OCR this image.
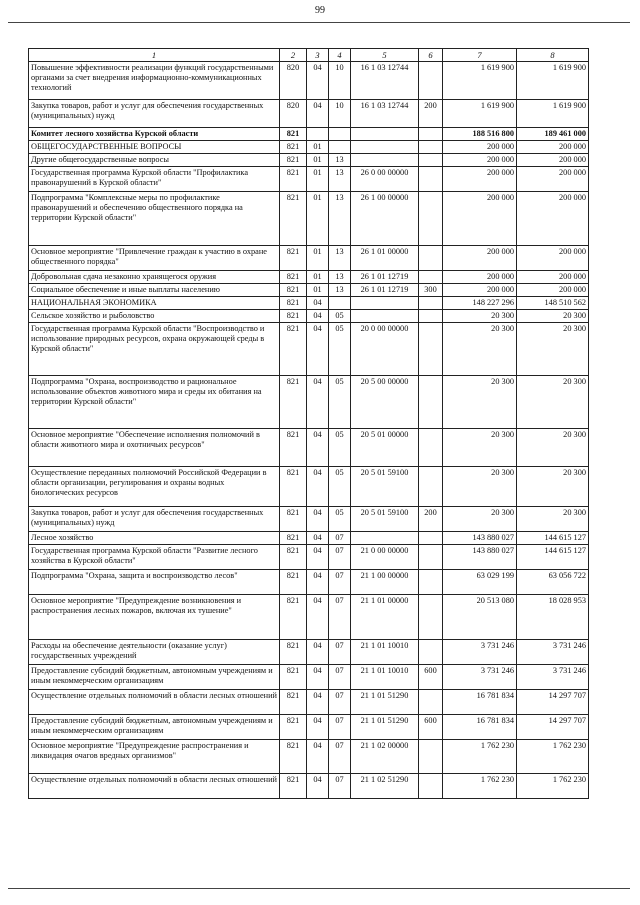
99
1	2	3	4	5	6	7	8
Повышение эффективности реализации функций государственными органами за счет внедрения информационно-коммуникационных технологий	820	04	10	16 1 03 12744		1 619 900	1 619 900
Закупка товаров, работ и услуг для обеспечения государственных (муниципальных) нужд	820	04	10	16 1 03 12744	200	1 619 900	1 619 900
Комитет лесного хозяйства Курской области	821					188 516 800	189 461 000
ОБЩЕГОСУДАРСТВЕННЫЕ ВОПРОСЫ	821	01				200 000	200 000
Другие общегосударственные вопросы	821	01	13			200 000	200 000
Государственная программа Курской области "Профилактика правонарушений в Курской области"	821	01	13	26 0 00 00000		200 000	200 000
Подпрограмма "Комплексные меры по профилактике правонарушений и обеспечению общественного порядка на территории Курской области"	821	01	13	26 1 00 00000		200 000	200 000
Основное мероприятие "Привлечение граждан к участию в охране общественного порядка"	821	01	13	26 1 01 00000		200 000	200 000
Добровольная сдача незаконно хранящегося оружия	821	01	13	26 1 01 12719		200 000	200 000
Социальное обеспечение и иные выплаты населению	821	01	13	26 1 01 12719	300	200 000	200 000
НАЦИОНАЛЬНАЯ ЭКОНОМИКА	821	04				148 227 296	148 510 562
Сельское хозяйство и рыболовство	821	04	05			20 300	20 300
Государственная программа Курской области "Воспроизводство и использование природных ресурсов, охрана окружающей среды в Курской области"	821	04	05	20 0 00 00000		20 300	20 300
Подпрограмма "Охрана, воспроизводство и рациональное использование объектов животного мира и среды их обитания на территории Курской области"	821	04	05	20 5 00 00000		20 300	20 300
Основное мероприятие "Обеспечение исполнения полномочий в области животного мира и охотничьих ресурсов"	821	04	05	20 5 01 00000		20 300	20 300
Осуществление переданных полномочий Российской Федерации в области организации, регулирования и охраны водных биологических ресурсов	821	04	05	20 5 01 59100		20 300	20 300
Закупка товаров, работ и услуг для обеспечения государственных (муниципальных) нужд	821	04	05	20 5 01 59100	200	20 300	20 300
Лесное хозяйство	821	04	07			143 880 027	144 615 127
Государственная программа Курской области "Развитие лесного хозяйства в Курской области"	821	04	07	21 0 00 00000		143 880 027	144 615 127
Подпрограмма "Охрана, защита и воспроизводство лесов"	821	04	07	21 1 00 00000		63 029 199	63 056 722
Основное мероприятие "Предупреждение возникновения и распространения лесных пожаров, включая их тушение"	821	04	07	21 1 01 00000		20 513 080	18 028 953
Расходы на обеспечение деятельности (оказание услуг) государственных учреждений	821	04	07	21 1 01 10010		3 731 246	3 731 246
Предоставление субсидий бюджетным, автономным учреждениям и иным некоммерческим организациям	821	04	07	21 1 01 10010	600	3 731 246	3 731 246
Осуществление отдельных полномочий в области лесных отношений	821	04	07	21 1 01 51290		16 781 834	14 297 707
Предоставление субсидий бюджетным, автономным учреждениям и иным некоммерческим организациям	821	04	07	21 1 01 51290	600	16 781 834	14 297 707
Основное мероприятие "Предупреждение распространения и ликвидация очагов вредных организмов"	821	04	07	21 1 02 00000		1 762 230	1 762 230
Осуществление отдельных полномочий в области лесных отношений	821	04	07	21 1 02 51290		1 762 230	1 762 230
